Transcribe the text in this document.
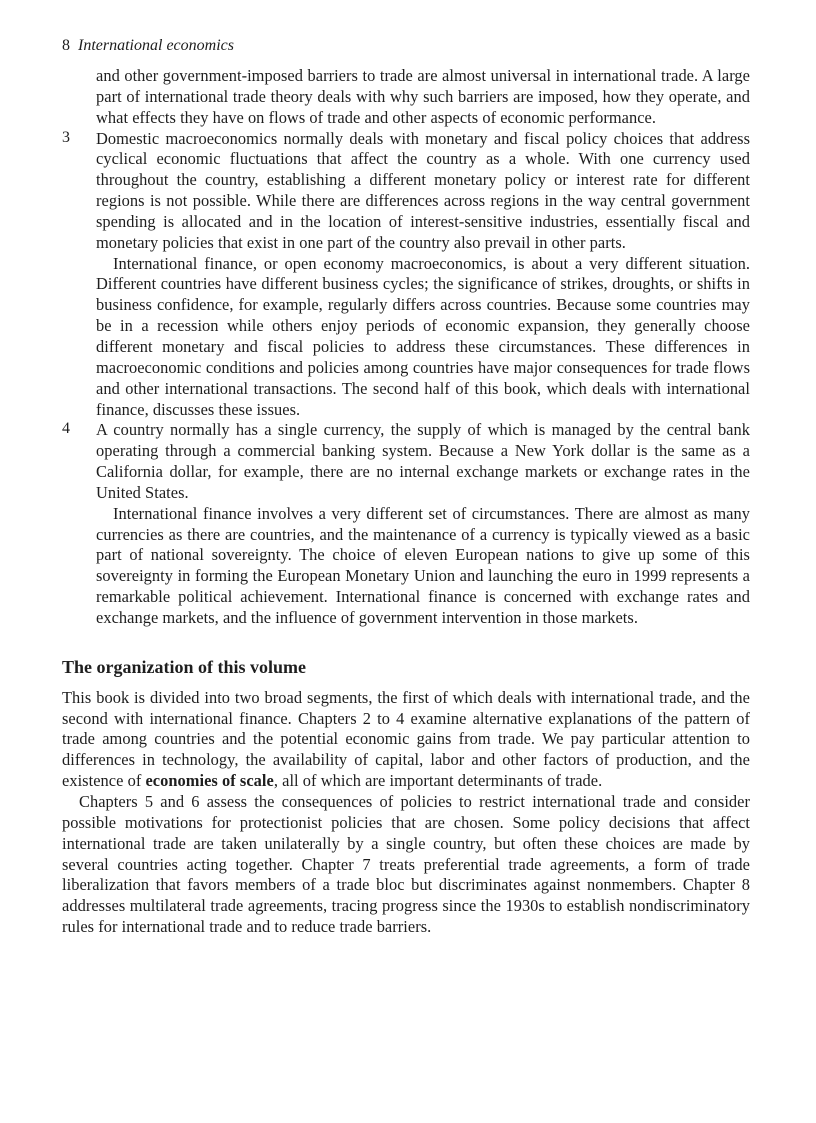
8 International economics

and other government-imposed barriers to trade are almost universal in international trade. A large part of international trade theory deals with why such barriers are imposed, how they operate, and what effects they have on flows of trade and other aspects of economic performance.

3 Domestic macroeconomics normally deals with monetary and fiscal policy choices that address cyclical economic fluctuations that affect the country as a whole. With one currency used throughout the country, establishing a different monetary policy or interest rate for different regions is not possible. While there are differences across regions in the way central government spending is allocated and in the location of interest-sensitive industries, essentially fiscal and monetary policies that exist in one part of the country also prevail in other parts.

International finance, or open economy macroeconomics, is about a very different situation. Different countries have different business cycles; the significance of strikes, droughts, or shifts in business confidence, for example, regularly differs across countries. Because some countries may be in a recession while others enjoy periods of economic expansion, they generally choose different monetary and fiscal policies to address these circumstances. These differences in macroeconomic conditions and policies among countries have major consequences for trade flows and other international transactions. The second half of this book, which deals with international finance, discusses these issues.

4 A country normally has a single currency, the supply of which is managed by the central bank operating through a commercial banking system. Because a New York dollar is the same as a California dollar, for example, there are no internal exchange markets or exchange rates in the United States.

International finance involves a very different set of circumstances. There are almost as many currencies as there are countries, and the maintenance of a currency is typically viewed as a basic part of national sovereignty. The choice of eleven European nations to give up some of this sovereignty in forming the European Monetary Union and launching the euro in 1999 represents a remarkable political achievement. International finance is concerned with exchange rates and exchange markets, and the influence of government intervention in those markets.

The organization of this volume

This book is divided into two broad segments, the first of which deals with international trade, and the second with international finance. Chapters 2 to 4 examine alternative explanations of the pattern of trade among countries and the potential economic gains from trade. We pay particular attention to differences in technology, the availability of capital, labor and other factors of production, and the existence of economies of scale, all of which are important determinants of trade.

Chapters 5 and 6 assess the consequences of policies to restrict international trade and consider possible motivations for protectionist policies that are chosen. Some policy decisions that affect international trade are taken unilaterally by a single country, but often these choices are made by several countries acting together. Chapter 7 treats preferential trade agreements, a form of trade liberalization that favors members of a trade bloc but discriminates against nonmembers. Chapter 8 addresses multilateral trade agreements, tracing progress since the 1930s to establish nondiscriminatory rules for international trade and to reduce trade barriers.
